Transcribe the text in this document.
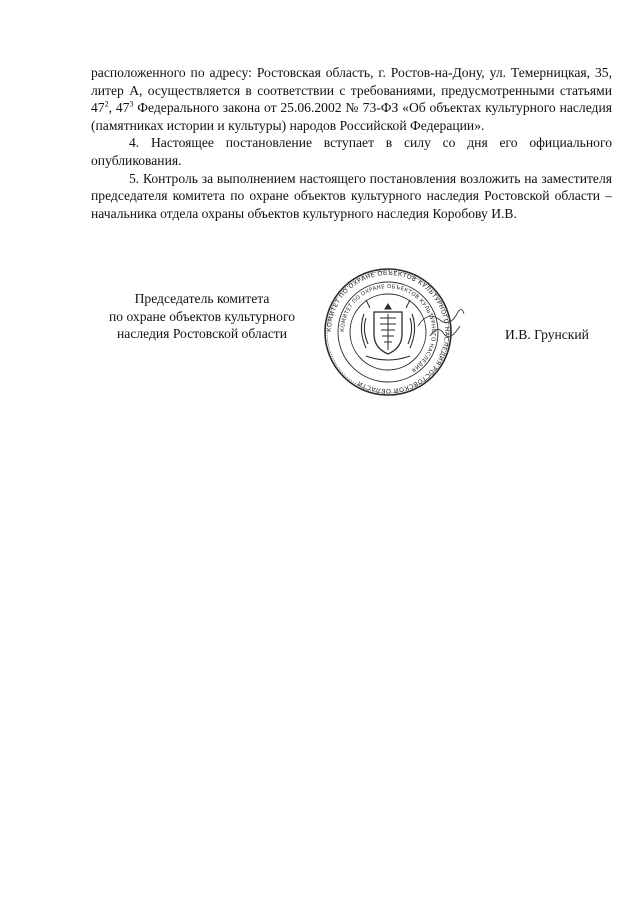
расположенного по адресу: Ростовская область, г. Ростов-на-Дону, ул. Темерницкая, 35, литер А, осуществляется в соответствии с требованиями, предусмотренными статьями $47^2$, $47^3$ Федерального закона от 25.06.2002 № 73-ФЗ «Об объектах культурного наследия (памятниках истории и культуры) народов Российской Федерации».

4. Настоящее постановление вступает в силу со дня его официального опубликования.

5. Контроль за выполнением настоящего постановления возложить на заместителя председателя комитета по охране объектов культурного наследия Ростовской области – начальника отдела охраны объектов культурного наследия Коробову И.В.

Председатель комитета
по охране объектов культурного
наследия Ростовской области	КОМИТЕТ ПО ОХРАНЕ ОБЪЕКТОВ КУЛЬТУРНОГО НАСЛЕДИЯ РОСТОВСКОЙ ОБЛАСТИ
КОМИТЕТ ПО ОХРАНЕ ОБЪЕКТОВ КУЛЬТУРНОГО НАСЛЕДИЯ
И.В. Грунский
